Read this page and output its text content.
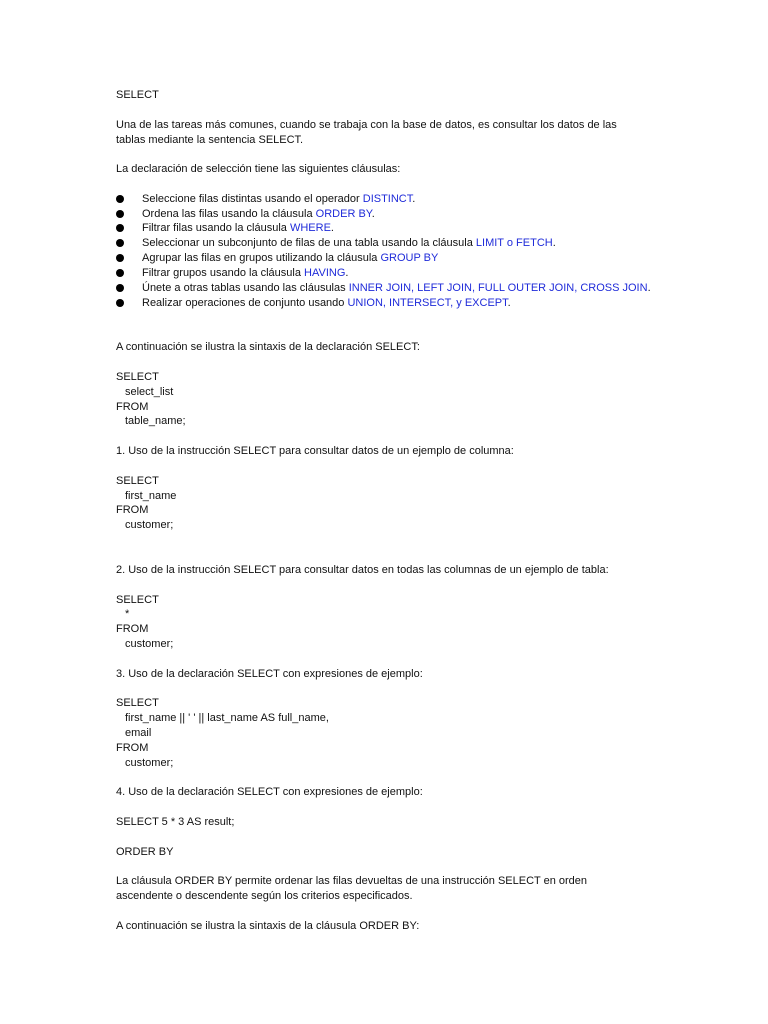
SELECT
Una de las tareas más comunes, cuando se trabaja con la base de datos, es consultar los datos de las
tablas mediante la sentencia SELECT.
La declaración de selección tiene las siguientes cláusulas:

Seleccione filas distintas usando el operador DISTINCT.

Ordena las filas usando la cláusula ORDER BY.

Filtrar filas usando la cláusula WHERE.

Seleccionar un subconjunto de filas de una tabla usando la cláusula LIMIT o FETCH.

Agrupar las filas en grupos utilizando la cláusula GROUP BY

Filtrar grupos usando la cláusula HAVING.

Únete a otras tablas usando las cláusulas INNER JOIN, LEFT JOIN, FULL OUTER JOIN, CROSS JOIN.

Realizar operaciones de conjunto usando UNION, INTERSECT, y EXCEPT.

A continuación se ilustra la sintaxis de la declaración SELECT:
SELECT
select_list
FROM
table_name;
1. Uso de la instrucción SELECT para consultar datos de un ejemplo de columna:
SELECT
first_name
FROM
customer;
2. Uso de la instrucción SELECT para consultar datos en todas las columnas de un ejemplo de tabla:
SELECT
*
FROM
customer;
3. Uso de la declaración SELECT con expresiones de ejemplo:
SELECT
first_name || ' ' || last_name AS full_name,
email
FROM
customer;
4. Uso de la declaración SELECT con expresiones de ejemplo:
SELECT 5 * 3 AS result;
ORDER BY
La cláusula ORDER BY permite ordenar las filas devueltas de una instrucción SELECT en orden
ascendente o descendente según los criterios especificados.
A continuación se ilustra la sintaxis de la cláusula ORDER BY:
